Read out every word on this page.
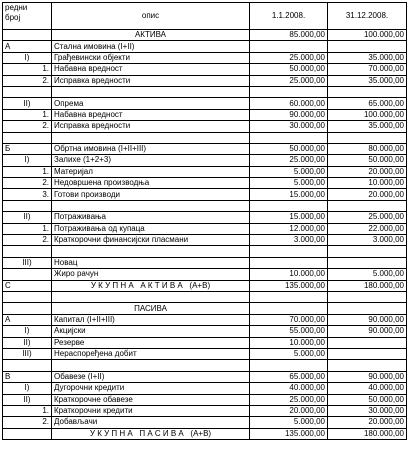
редни
број	опис	1.1.2008.	31.12.2008.
	АКТИВА	85.000,00	100.000,00
А	Стална имовина (I+II)		
I)	Грађевински објекти	25.000,00	35.000,00
1.	Набавна вредност	50.000,00	70.000,00
2.	Исправка вредности	25.000,00	35.000,00

II)	Опрема	60.000,00	65.000,00
1.	Набавна вредност	90.000,00	100.000,00
2.	Исправка вредности	30.000,00	35.000,00

Б	Обртна имовина (I+II+III)	50.000,00	80.000,00
I)	Залихе (1+2+3)	25.000,00	50.000,00
1.	Материјал	5.000,00	20.000,00
2.	Недовршена производња	5.000,00	10.000,00
3.	Готови производи	15.000,00	20.000,00

II)	Потраживања	15.000,00	25.000,00
1.	Потраживања од купаца	12.000,00	22.000,00
2.	Краткорочни финансијски пласмани	3.000,00	3.000,00

III)	Новац		
	Жиро рачун	10.000,00	5.000,00
С	У К У П Н А   А К Т И В А   (А+В)	135.000,00	180.000,00

	ПАСИВА		
А	Капитал (I+II+III)	70.000,00	90.000,00
I)	Акцијски	55.000,00	90.000,00
II)	Резерве	10.000,00	
III)	Нераспоређена добит	5.000,00	

В	Обавезе (I+II)	65.000,00	90.000,00
I)	Дугорочни кредити	40.000,00	40.000,00
II)	Краткорочне обавезе	25.000,00	50.000,00
1.	Краткорочни кредити	20.000,00	30.000,00
2.	Добављачи	5.000,00	20.000,00
	У К У П Н А   П А С И В А   (А+В)	135.000,00	180.000,00
